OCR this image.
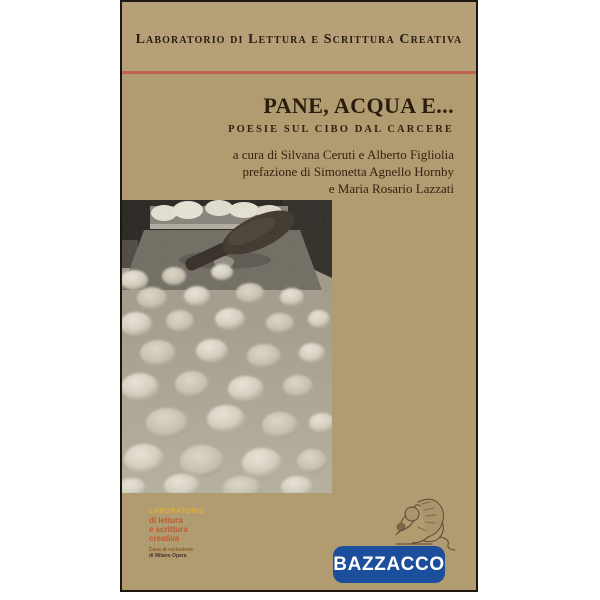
Laboratorio di Lettura e Scrittura Creativa
PANE, ACQUA E...
POESIE SUL CIBO DAL CARCERE
a cura di Silvana Ceruti e Alberto Figliolia
prefazione di Simonetta Agnello Hornby
e Maria Rosario Lazzati
LABORATORIO
di lettura
e scrittura
creativa
Casa di reclusione
di Milano Opera	BAZZACCO
